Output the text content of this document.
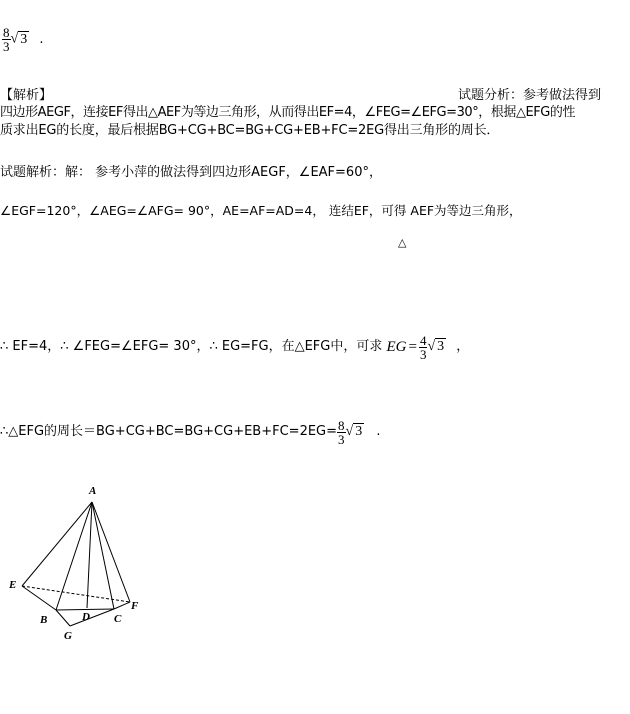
$\frac{8}{3}$ √ 3 .
【解析】	试题分析：参考做法得到
四边形AEGF，连接EF得出△AEF为等边三角形，从而得出EF=4，∠FEG=∠EFG=30°，根据△EFG的性
质求出EG的长度，最后根据BG+CG+BC=BG+CG+EB+FC=2EG得出三角形的周长．
试题解析：解： 参考小萍的做法得到四边形AEGF，∠EAF=60°，
∠EGF=120°，∠AEG=∠AFG= 90°，AE=AF=AD=4， 连结EF，可得 AEF为等边三角形，
△
∴ EF=4，∴ ∠FEG=∠EFG= 30°，∴ EG=FG，在△EFG中，可求 EG = $\frac{4}{3}$ √ 3 ，
∴△EFG的周长$=BG+CG+BC=BG+CG+EB+FC=2EG= \frac{8}{3}$ √ 3 .
A
E
F
B	D C
G
